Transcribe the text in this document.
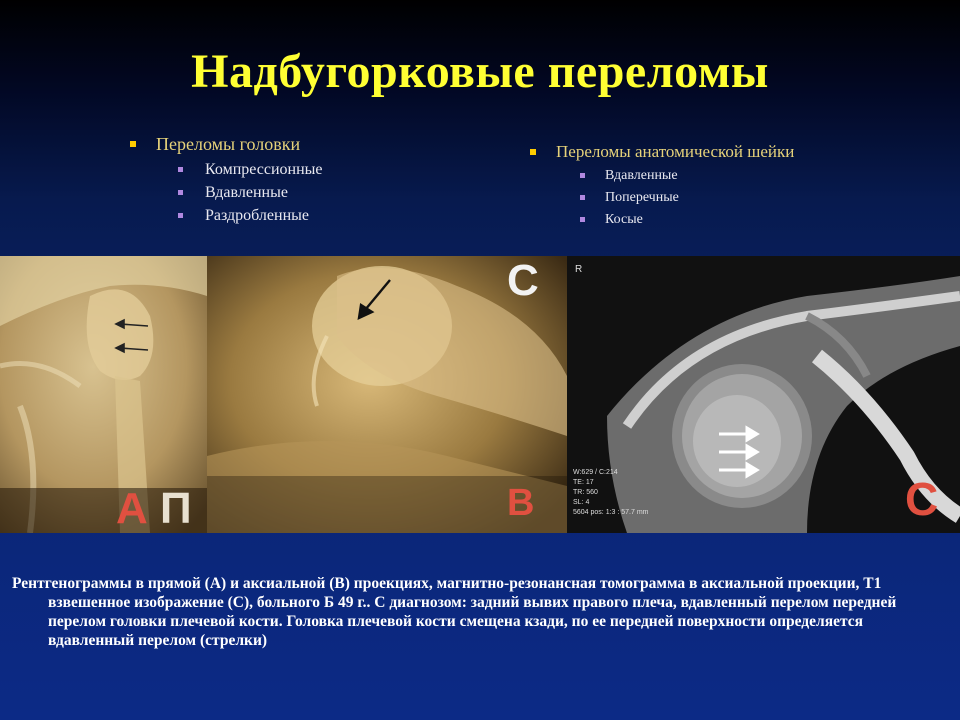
Надбугорковые переломы
Переломы головки
Компрессионные
Вдавленные
Раздробленные
Переломы анатомической шейки
Вдавленные
Поперечные
Косые
А П
С
В
R
W:629 / C:214
TE: 17
TR: 560
SL: 4
5604 pos: 1:3 : 57.7 mm	С

Рентгенограммы в прямой (А) и аксиальной (В) проекциях, магнитно-резонансная томограмма в аксиальной проекции, Т1 взвешенное изображение (С), больного Б 49 г.. С диагнозом: задний вывих правого плеча, вдавленный перелом передней перелом головки плечевой кости. Головка плечевой кости смещена кзади, по ее передней поверхности определяется вдавленный перелом (стрелки)
